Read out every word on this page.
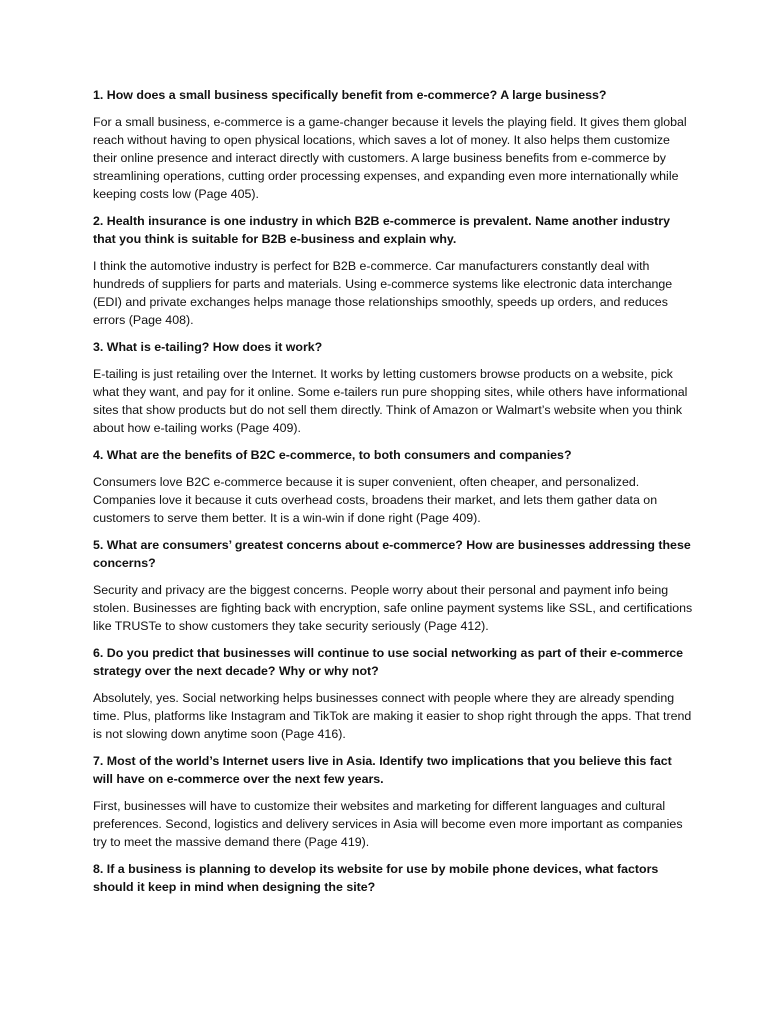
1. How does a small business specifically benefit from e-commerce? A large business?

For a small business, e-commerce is a game-changer because it levels the playing field. It gives them global reach without having to open physical locations, which saves a lot of money. It also helps them customize their online presence and interact directly with customers. A large business benefits from e-commerce by streamlining operations, cutting order processing expenses, and expanding even more internationally while keeping costs low (Page 405).

2. Health insurance is one industry in which B2B e-commerce is prevalent. Name another industry that you think is suitable for B2B e-business and explain why.

I think the automotive industry is perfect for B2B e-commerce. Car manufacturers constantly deal with hundreds of suppliers for parts and materials. Using e-commerce systems like electronic data interchange (EDI) and private exchanges helps manage those relationships smoothly, speeds up orders, and reduces errors (Page 408).

3. What is e-tailing? How does it work?

E-tailing is just retailing over the Internet. It works by letting customers browse products on a website, pick what they want, and pay for it online. Some e-tailers run pure shopping sites, while others have informational sites that show products but do not sell them directly. Think of Amazon or Walmart’s website when you think about how e-tailing works (Page 409).

4. What are the benefits of B2C e-commerce, to both consumers and companies?

Consumers love B2C e-commerce because it is super convenient, often cheaper, and personalized. Companies love it because it cuts overhead costs, broadens their market, and lets them gather data on customers to serve them better. It is a win-win if done right (Page 409).

5. What are consumers’ greatest concerns about e-commerce? How are businesses addressing these concerns?

Security and privacy are the biggest concerns. People worry about their personal and payment info being stolen. Businesses are fighting back with encryption, safe online payment systems like SSL, and certifications like TRUSTe to show customers they take security seriously (Page 412).

6. Do you predict that businesses will continue to use social networking as part of their e-commerce strategy over the next decade? Why or why not?

Absolutely, yes. Social networking helps businesses connect with people where they are already spending time. Plus, platforms like Instagram and TikTok are making it easier to shop right through the apps. That trend is not slowing down anytime soon (Page 416).

7. Most of the world’s Internet users live in Asia. Identify two implications that you believe this fact will have on e-commerce over the next few years.

First, businesses will have to customize their websites and marketing for different languages and cultural preferences. Second, logistics and delivery services in Asia will become even more important as companies try to meet the massive demand there (Page 419).

8. If a business is planning to develop its website for use by mobile phone devices, what factors should it keep in mind when designing the site?
